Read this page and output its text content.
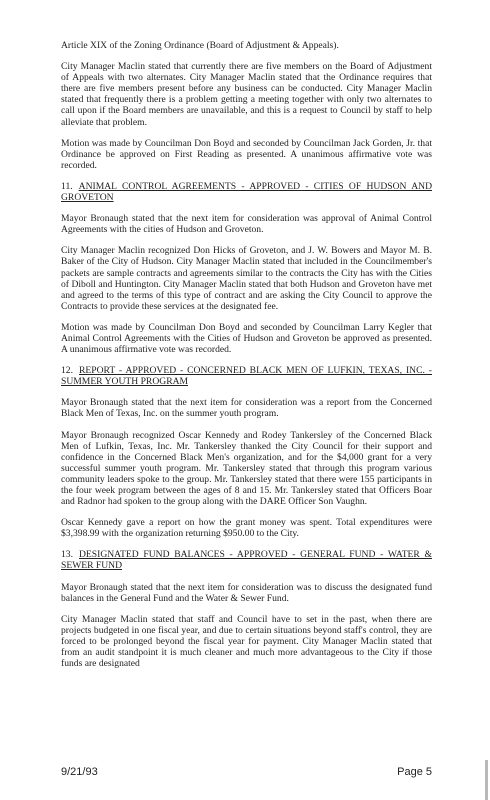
Article XIX of the Zoning Ordinance (Board of Adjustment & Appeals).

City Manager Maclin stated that currently there are five members on the Board of Adjustment of Appeals with two alternates. City Manager Maclin stated that the Ordinance requires that there are five members present before any business can be conducted. City Manager Maclin stated that frequently there is a problem getting a meeting together with only two alternates to call upon if the Board members are unavailable, and this is a request to Council by staff to help alleviate that problem.

Motion was made by Councilman Don Boyd and seconded by Councilman Jack Gorden, Jr. that Ordinance be approved on First Reading as presented. A unanimous affirmative vote was recorded.

11. ANIMAL CONTROL AGREEMENTS - APPROVED - CITIES OF HUDSON AND GROVETON

Mayor Bronaugh stated that the next item for consideration was approval of Animal Control Agreements with the cities of Hudson and Groveton.

City Manager Maclin recognized Don Hicks of Groveton, and J. W. Bowers and Mayor M. B. Baker of the City of Hudson. City Manager Maclin stated that included in the Councilmember's packets are sample contracts and agreements similar to the contracts the City has with the Cities of Diboll and Huntington. City Manager Maclin stated that both Hudson and Groveton have met and agreed to the terms of this type of contract and are asking the City Council to approve the Contracts to provide these services at the designated fee.

Motion was made by Councilman Don Boyd and seconded by Councilman Larry Kegler that Animal Control Agreements with the Cities of Hudson and Groveton be approved as presented. A unanimous affirmative vote was recorded.

12. REPORT - APPROVED - CONCERNED BLACK MEN OF LUFKIN, TEXAS, INC. - SUMMER YOUTH PROGRAM

Mayor Bronaugh stated that the next item for consideration was a report from the Concerned Black Men of Texas, Inc. on the summer youth program.

Mayor Bronaugh recognized Oscar Kennedy and Rodey Tankersley of the Concerned Black Men of Lufkin, Texas, Inc. Mr. Tankersley thanked the City Council for their support and confidence in the Concerned Black Men's organization, and for the $4,000 grant for a very successful summer youth program. Mr. Tankersley stated that through this program various community leaders spoke to the group. Mr. Tankersley stated that there were 155 participants in the four week program between the ages of 8 and 15. Mr. Tankersley stated that Officers Boar and Radnor had spoken to the group along with the DARE Officer Son Vaughn.

Oscar Kennedy gave a report on how the grant money was spent. Total expenditures were $3,398.99 with the organization returning $950.00 to the City.

13. DESIGNATED FUND BALANCES - APPROVED - GENERAL FUND - WATER & SEWER FUND

Mayor Bronaugh stated that the next item for consideration was to discuss the designated fund balances in the General Fund and the Water & Sewer Fund.

City Manager Maclin stated that staff and Council have to set in the past, when there are projects budgeted in one fiscal year, and due to certain situations beyond staff's control, they are forced to be prolonged beyond the fiscal year for payment. City Manager Maclin stated that from an audit standpoint it is much cleaner and much more advantageous to the City if those funds are designated

9/21/93	Page 5
